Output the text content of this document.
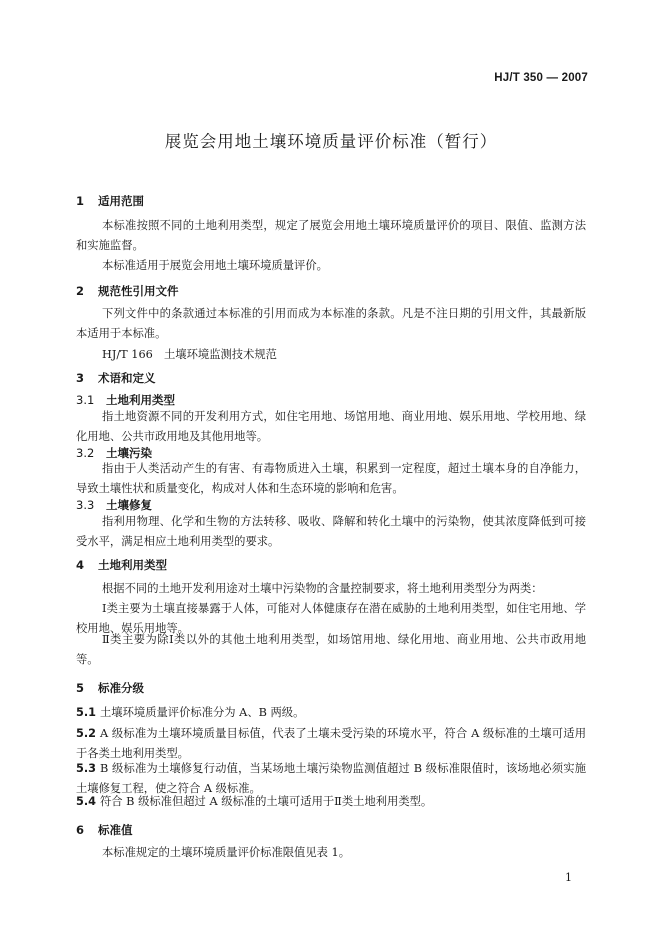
HJ/T 350 — 2007
展览会用地土壤环境质量评价标准（暂行）
1 适用范围

本标准按照不同的土地利用类型，规定了展览会用地土壤环境质量评价的项目、限值、监测方法和实施监督。

本标准适用于展览会用地土壤环境质量评价。

2 规范性引用文件

下列文件中的条款通过本标准的引用而成为本标准的条款。凡是不注日期的引用文件，其最新版本适用于本标准。

HJ/T 166 土壤环境监测技术规范
3 术语和定义
3.1 土地利用类型

指土地资源不同的开发利用方式，如住宅用地、场馆用地、商业用地、娱乐用地、学校用地、绿化用地、公共市政用地及其他用地等。

3.2 土壤污染

指由于人类活动产生的有害、有毒物质进入土壤，积累到一定程度，超过土壤本身的自净能力，导致土壤性状和质量变化，构成对人体和生态环境的影响和危害。

3.3 土壤修复

指利用物理、化学和生物的方法转移、吸收、降解和转化土壤中的污染物，使其浓度降低到可接受水平，满足相应土地利用类型的要求。

4 土地利用类型

根据不同的土地开发利用途对土壤中污染物的含量控制要求，将土地利用类型分为两类：

Ⅰ类主要为土壤直接暴露于人体，可能对人体健康存在潜在威胁的土地利用类型，如住宅用地、学校用地、娱乐用地等。

Ⅱ类主要为除Ⅰ类以外的其他土地利用类型，如场馆用地、绿化用地、商业用地、公共市政用地等。

5 标准分级

5.1 土壤环境质量评价标准分为 A、B 两级。

5.2 A 级标准为土壤环境质量目标值，代表了土壤未受污染的环境水平，符合 A 级标准的土壤可适用于各类土地利用类型。

5.3 B 级标准为土壤修复行动值，当某场地土壤污染物监测值超过 B 级标准限值时，该场地必须实施土壤修复工程，使之符合 A 级标准。

5.4 符合 B 级标准但超过 A 级标准的土壤可适用于Ⅱ类土地利用类型。

6 标准值

本标准规定的土壤环境质量评价标准限值见表 1。

1
